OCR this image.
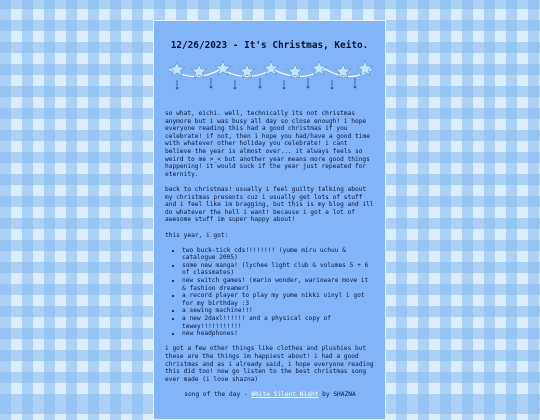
12/26/2023 - It's Christmas, Keito.

so what, eichi. well, technically its not christmas anymore but i was busy all day so close enough! i hope everyone reading this had a good christmas if you celebrate! if not, then i hope you had/have a good time with whatever other holiday you celebrate! i cant believe the year is almost over... it always feels so weird to me >_< but another year means more good things happening! it would suck if the year just repeated for eternity.

back to christmas! usually i feel guilty talking about my christmas presents cuz i usually get lots of stuff and i feel like im bragging, but this is my blog and ill do whatever the hell i want! because i got a lot of awesome stuff im super happy about!

this year, i got:

• two buck-tick cds!!!!!!!! (yume miru uchuu & catalogue 2005)
• some new manga! (lychee light club & volumes 5 + 6 of classmates)
• new switch games! (mario wonder, warioware move it & fashion dreamer)
• a record player to play my yume nikki vinyl i got for my birthday :3
• a sewing machine!!!
• a new 2daxl!!!!!! and a physical copy of tewey!!!!!!!!!!!
• new headphones!

i got a few other things like clothes and plushies but these are the things im happiest about! i had a good christmas and as i already said, i hope everyone reading this did too! now go listen to the best christmas song ever made (i love shazna)

song of the day - White Silent Night by SHAZNA
